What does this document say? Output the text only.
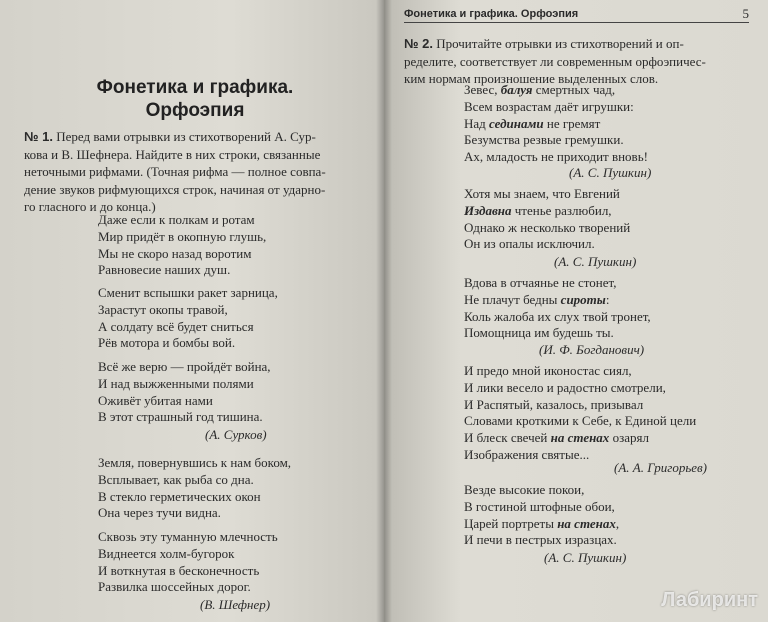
Фонетика и графика.
Орфоэпия
№ 1. Перед вами отрывки из стихотворений А. Сур-
кова и В. Шефнера. Найдите в них строки, связанные
неточными рифмами. (Точная рифма — полное совпа-
дение звуков рифмующихся строк, начиная от ударно-
го гласного и до конца.)
Даже если к полкам и ротам
Мир придёт в окопную глушь,
Мы не скоро назад воротим
Равновесие наших душ.
Сменит вспышки ракет зарница,
Зарастут окопы травой,
А солдату всё будет сниться
Рёв мотора и бомбы вой.
Всё же верю — пройдёт война,
И над выжженными полями
Оживёт убитая нами
В этот страшный год тишина.
(А. Сурков)
Земля, повернувшись к нам боком,
Всплывает, как рыба со дна.
В стекло герметических окон
Она через тучи видна.
Сквозь эту туманную млечность
Виднеется холм-бугорок
И воткнутая в бесконечность
Развилка шоссейных дорог.
(В. Шефнер)
Фонетика и графика. Орфоэпия	5
№ 2. Прочитайте отрывки из стихотворений и оп-
ределите, соответствует ли современным орфоэпичес-
ким нормам произношение выделенных слов.
Зевес, балуя смертных чад,
Всем возрастам даёт игрушки:
Над сединами не гремят
Безумства резвые гремушки.
Ах, младость не приходит вновь!
(А. С. Пушкин)
Хотя мы знаем, что Евгений
Издавна чтенье разлюбил,
Однако ж несколько творений
Он из опалы исключил.
(А. С. Пушкин)
Вдова в отчаянье не стонет,
Не плачут бедны сироты:
Коль жалоба их слух твой тронет,
Помощница им будешь ты.
(И. Ф. Богданович)
И предо мной иконостас сиял,
И лики весело и радостно смотрели,
И Распятый, казалось, призывал
Словами кроткими к Себе, к Единой цели
И блеск свечей на стенах озарял
Изображения святые...
(А. А. Григорьев)
Везде высокие покои,
В гостиной штофные обои,
Царей портреты на стенах,
И печи в пестрых изразцах.
(А. С. Пушкин)
Лабиринт
